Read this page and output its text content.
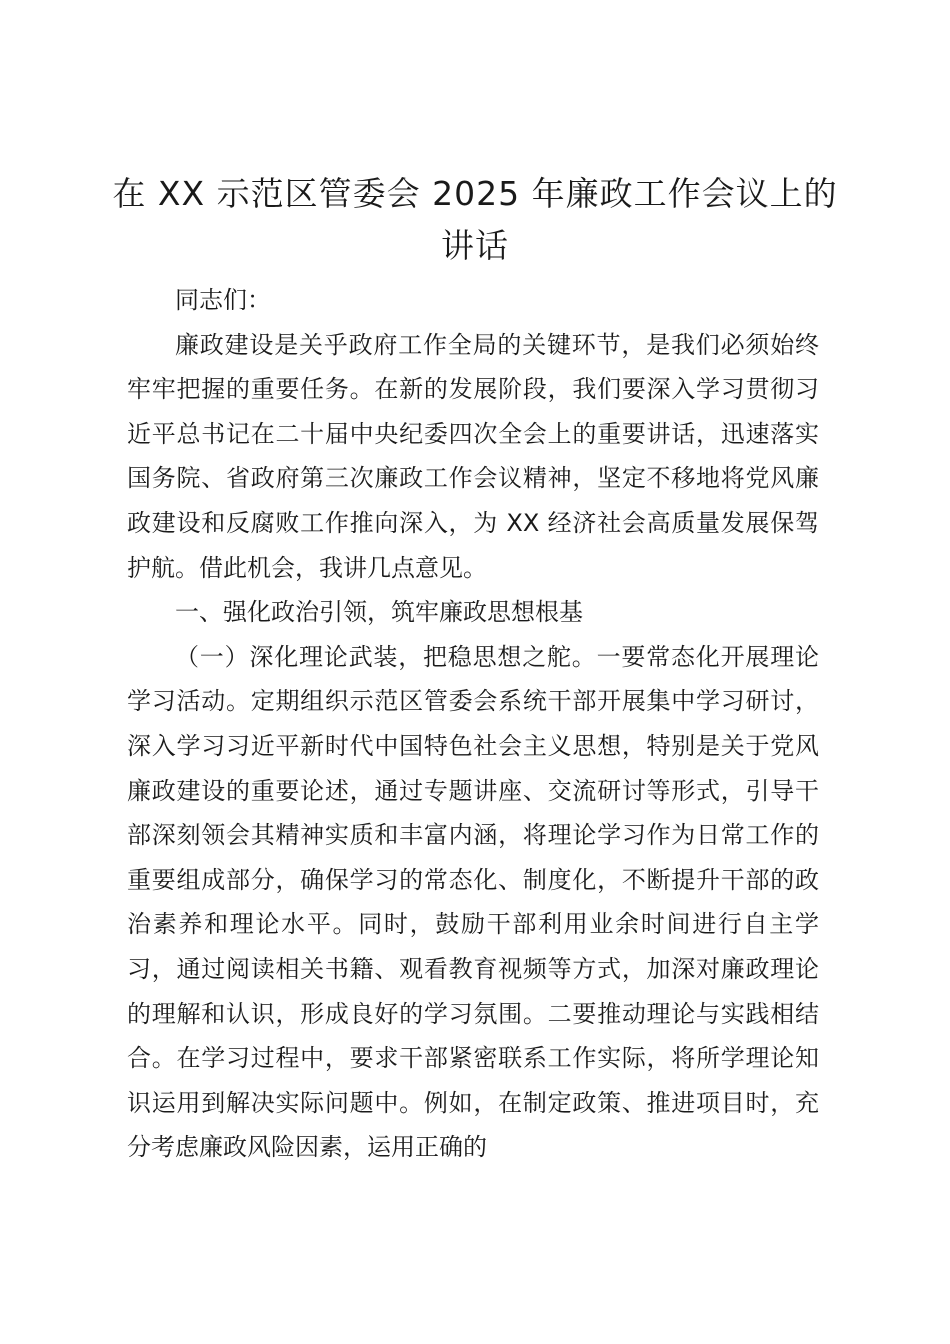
在 XX 示范区管委会 2025 年廉政工作会议上的讲话

同志们：

廉政建设是关乎政府工作全局的关键环节，是我们必须始终牢牢把握的重要任务。在新的发展阶段，我们要深入学习贯彻习近平总书记在二十届中央纪委四次全会上的重要讲话，迅速落实国务院、省政府第三次廉政工作会议精神，坚定不移地将党风廉政建设和反腐败工作推向深入，为 XX 经济社会高质量发展保驾护航。借此机会，我讲几点意见。

一、强化政治引领，筑牢廉政思想根基

（一）深化理论武装，把稳思想之舵。一要常态化开展理论学习活动。定期组织示范区管委会系统干部开展集中学习研讨，深入学习习近平新时代中国特色社会主义思想，特别是关于党风廉政建设的重要论述，通过专题讲座、交流研讨等形式，引导干部深刻领会其精神实质和丰富内涵，将理论学习作为日常工作的重要组成部分，确保学习的常态化、制度化，不断提升干部的政治素养和理论水平。同时，鼓励干部利用业余时间进行自主学习，通过阅读相关书籍、观看教育视频等方式，加深对廉政理论的理解和认识，形成良好的学习氛围。二要推动理论与实践相结合。在学习过程中，要求干部紧密联系工作实际，将所学理论知识运用到解决实际问题中。例如，在制定政策、推进项目时，充分考虑廉政风险因素，运用正确的
